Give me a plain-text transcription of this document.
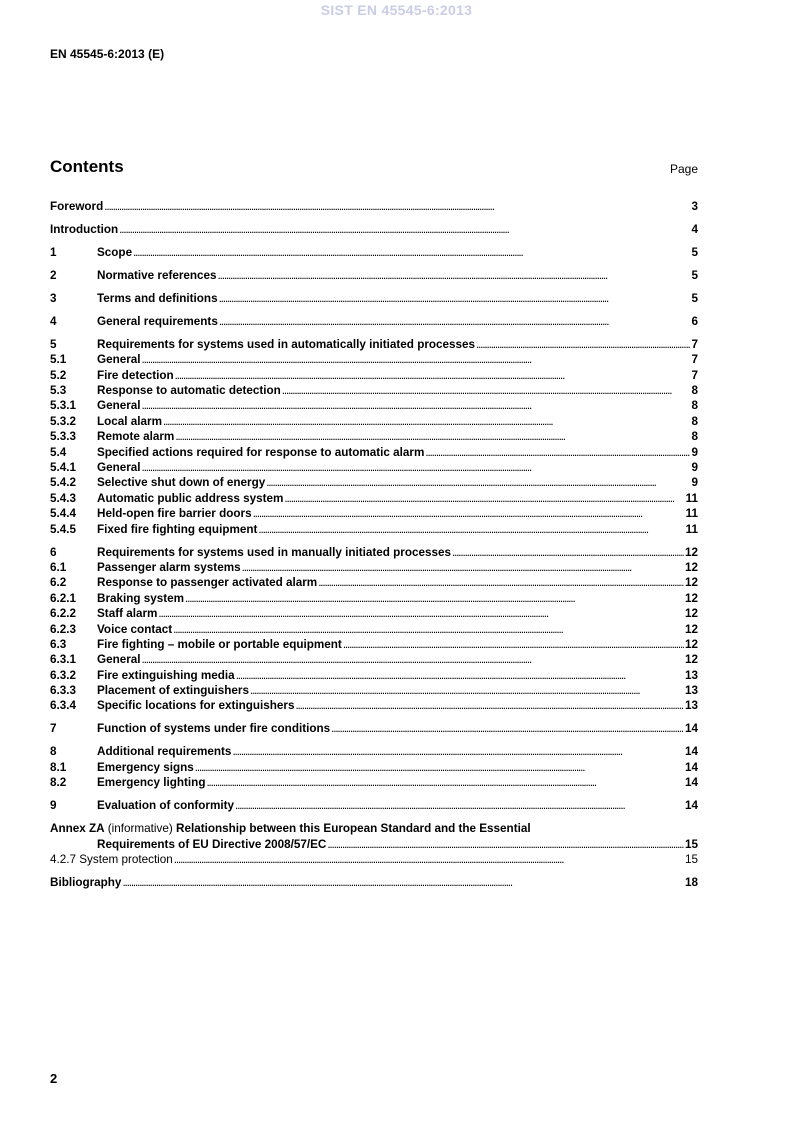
SIST EN 45545-6:2013
EN 45545-6:2013 (E)
Contents	Page
Foreword . . .	3
Introduction . . .	4
1	Scope . . .	5
2	Normative references . . .	5
3	Terms and definitions . . .	5
4	General requirements . . .	6
5	Requirements for systems used in automatically initiated processes . . .	7
5.1	General . . .	7
5.2	Fire detection . . .	7
5.3	Response to automatic detection . . .	8
5.3.1	General . . .	8
5.3.2	Local alarm . . .	8
5.3.3	Remote alarm . . .	8
5.4	Specified actions required for response to automatic alarm . . .	9
5.4.1	General . . .	9
5.4.2	Selective shut down of energy . . .	9
5.4.3	Automatic public address system . . .	11
5.4.4	Held-open fire barrier doors . . .	11
5.4.5	Fixed fire fighting equipment . . .	11
6	Requirements for systems used in manually initiated processes . . .	12
6.1	Passenger alarm systems . . .	12
6.2	Response to passenger activated alarm . . .	12
6.2.1	Braking system . . .	12
6.2.2	Staff alarm . . .	12
6.2.3	Voice contact . . .	12
6.3	Fire fighting – mobile or portable equipment . . .	12
6.3.1	General . . .	12
6.3.2	Fire extinguishing media . . .	13
6.3.3	Placement of extinguishers . . .	13
6.3.4	Specific locations for extinguishers . . .	13
7	Function of systems under fire conditions . . .	14
8	Additional requirements . . .	14
8.1	Emergency signs . . .	14
8.2	Emergency lighting . . .	14
9	Evaluation of conformity . . .	14
Annex ZA (informative) Relationship between this European Standard and the Essential
Requirements of EU Directive 2008/57/EC . . .	15
4.2.7 System protection . . .	15
Bibliography . . .	18
2
